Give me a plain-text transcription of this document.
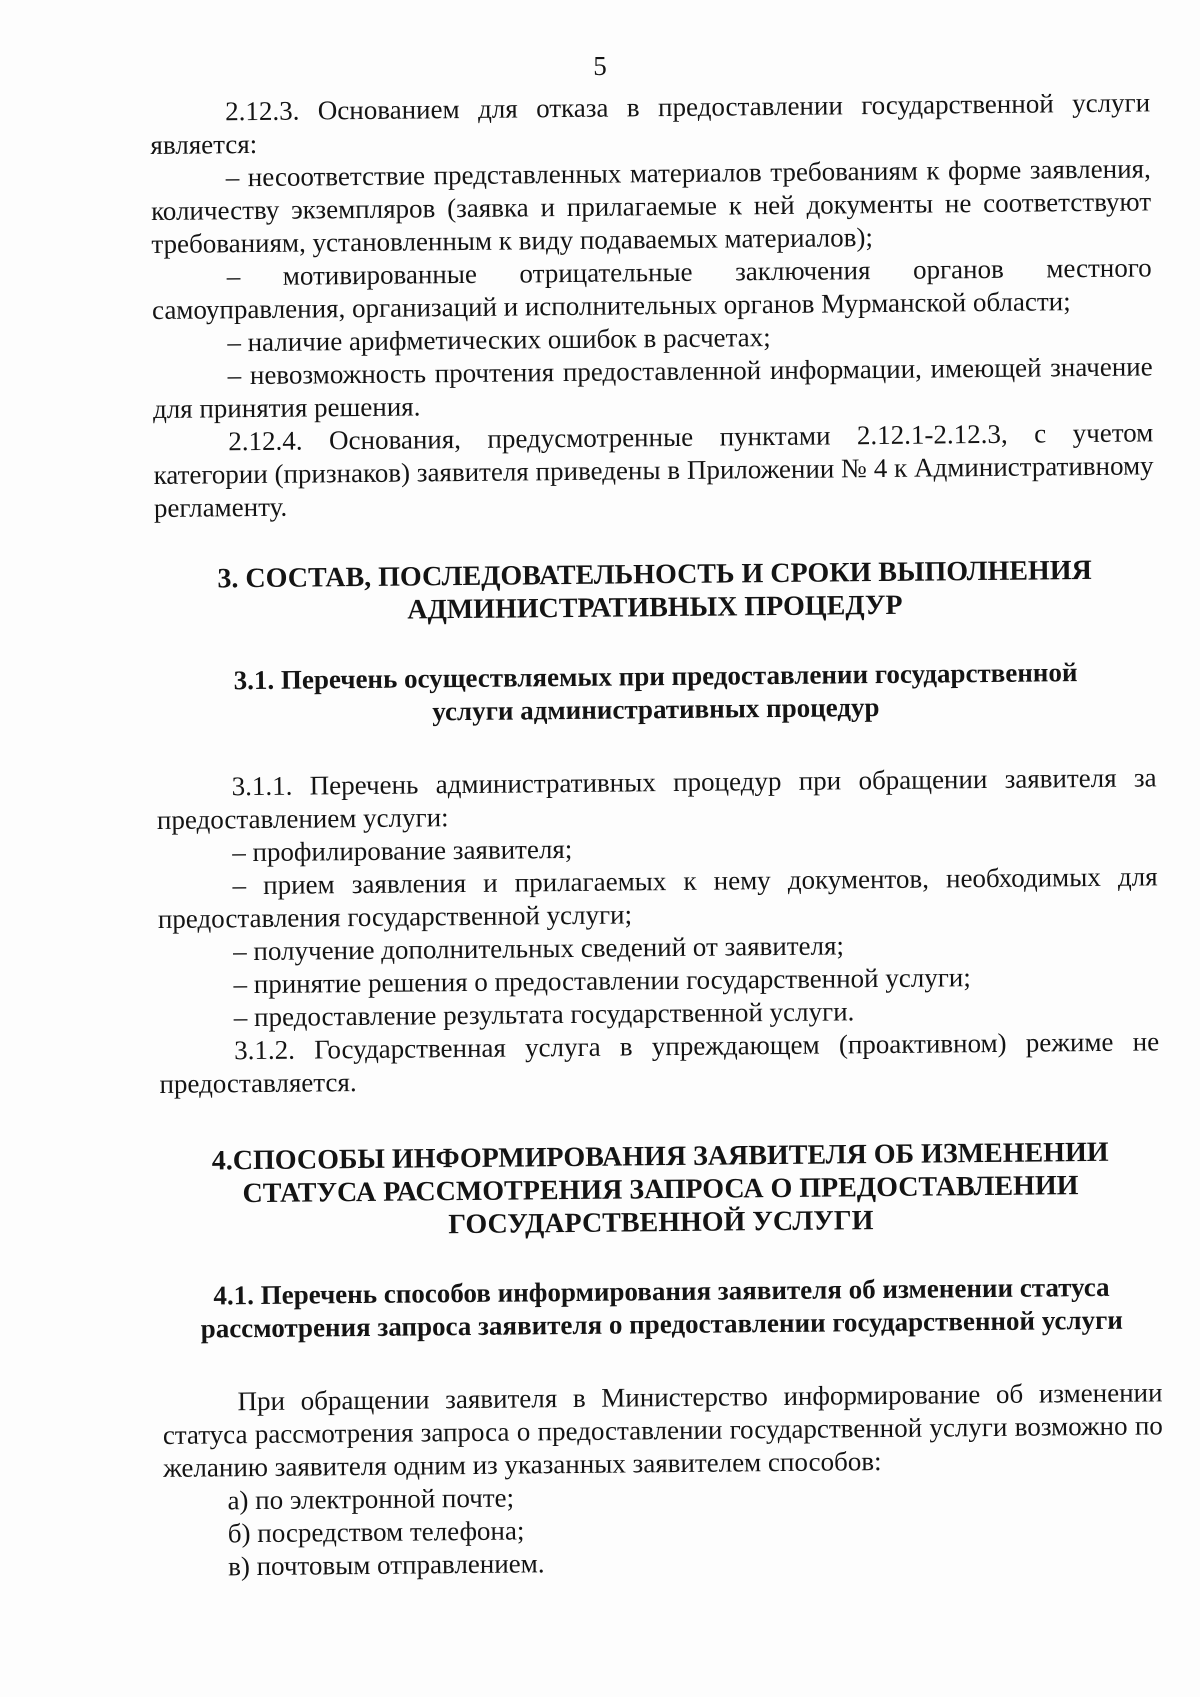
5

2.12.3. Основанием для отказа в предоставлении государственной услуги является:

– несоответствие представленных материалов требованиям к форме заявления, количеству экземпляров (заявка и прилагаемые к ней документы не соответствуют требованиям, установленным к виду подаваемых материалов);

– мотивированные отрицательные заключения органов местного самоуправления, организаций и исполнительных органов Мурманской области;

– наличие арифметических ошибок в расчетах;

– невозможность прочтения предоставленной информации, имеющей значение для принятия решения.

2.12.4. Основания, предусмотренные пунктами 2.12.1-2.12.3, с учетом категории (признаков) заявителя приведены в Приложении № 4 к Административному регламенту.

3. СОСТАВ, ПОСЛЕДОВАТЕЛЬНОСТЬ И СРОКИ ВЫПОЛНЕНИЯ
АДМИНИСТРАТИВНЫХ ПРОЦЕДУР
3.1. Перечень осуществляемых при предоставлении государственной
услуги административных процедур

3.1.1. Перечень административных процедур при обращении заявителя за предоставлением услуги:

– профилирование заявителя;

– прием заявления и прилагаемых к нему документов, необходимых для предоставления государственной услуги;

– получение дополнительных сведений от заявителя;

– принятие решения о предоставлении государственной услуги;

– предоставление результата государственной услуги.

3.1.2. Государственная услуга в упреждающем (проактивном) режиме не предоставляется.

4.СПОСОБЫ ИНФОРМИРОВАНИЯ ЗАЯВИТЕЛЯ ОБ ИЗМЕНЕНИИ
СТАТУСА РАССМОТРЕНИЯ ЗАПРОСА О ПРЕДОСТАВЛЕНИИ
ГОСУДАРСТВЕННОЙ УСЛУГИ
4.1. Перечень способов информирования заявителя об изменении статуса
рассмотрения запроса заявителя о предоставлении государственной услуги

При обращении заявителя в Министерство информирование об изменении статуса рассмотрения запроса о предоставлении государственной услуги возможно по желанию заявителя одним из указанных заявителем способов:

а) по электронной почте;

б) посредством телефона;

в) почтовым отправлением.
